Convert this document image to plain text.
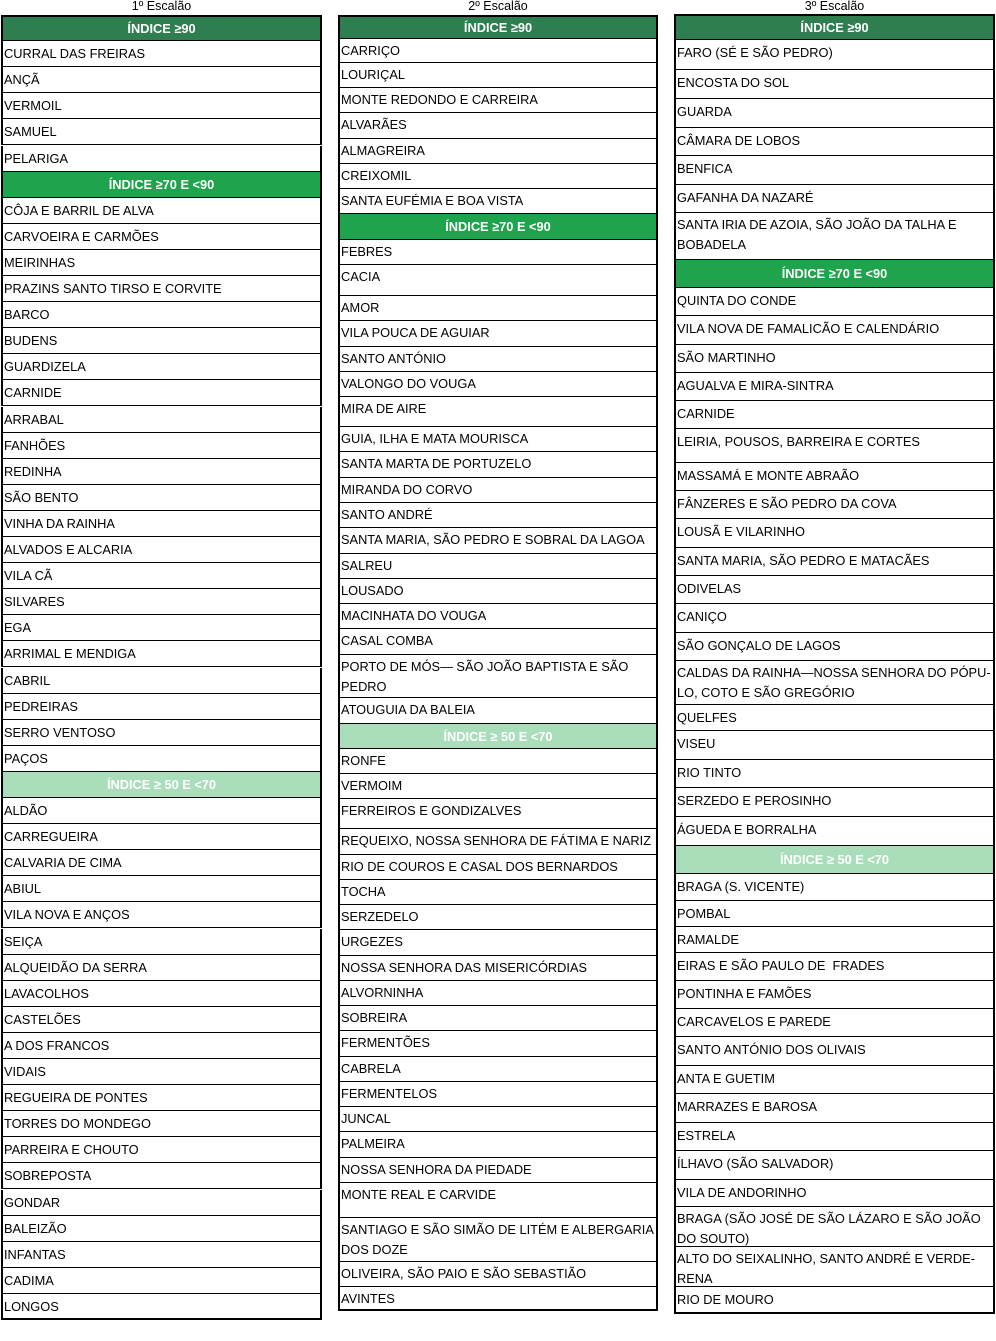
1º Escalão
ÍNDICE ≥90
CURRAL DAS FREIRAS
ANÇÃ
VERMOIL
SAMUEL
PELARIGA
ÍNDICE ≥70 E <90
CÔJA E BARRIL DE ALVA
CARVOEIRA E CARMÕES
MEIRINHAS
PRAZINS SANTO TIRSO E CORVITE
BARCO
BUDENS
GUARDIZELA
CARNIDE
ARRABAL
FANHÕES
REDINHA
SÃO BENTO
VINHA DA RAINHA
ALVADOS E ALCARIA
VILA CÃ
SILVARES
EGA
ARRIMAL E MENDIGA
CABRIL
PEDREIRAS
SERRO VENTOSO
PAÇOS
ÍNDICE ≥ 50 E <70
ALDÃO
CARREGUEIRA
CALVARIA DE CIMA
ABIUL
VILA NOVA E ANÇOS
SEIÇA
ALQUEIDÃO DA SERRA
LAVACOLHOS
CASTELÕES
A DOS FRANCOS
VIDAIS
REGUEIRA DE PONTES
TORRES DO MONDEGO
PARREIRA E CHOUTO
SOBREPOSTA
GONDAR
BALEIZÃO
INFANTAS
CADIMA
LONGOS
2º Escalão
ÍNDICE ≥90
CARRIÇO
LOURIÇAL
MONTE REDONDO E CARREIRA
ALVARÃES
ALMAGREIRA
CREIXOMIL
SANTA EUFÉMIA E BOA VISTA
ÍNDICE ≥70 E <90
FEBRES
CACIA
AMOR
VILA POUCA DE AGUIAR
SANTO ANTÓNIO
VALONGO DO VOUGA
MIRA DE AIRE
GUIA, ILHA E MATA MOURISCA
SANTA MARTA DE PORTUZELO
MIRANDA DO CORVO
SANTO ANDRÉ
SANTA MARIA, SÃO PEDRO E SOBRAL DA LAGOA
SALREU
LOUSADO
MACINHATA DO VOUGA
CASAL COMBA
PORTO DE MÓS— SÃO JOÃO BAPTISTA E SÃO
PEDRO
ATOUGUIA DA BALEIA
ÍNDICE ≥ 50 E <70
RONFE
VERMOIM
FERREIROS E GONDIZALVES
REQUEIXO, NOSSA SENHORA DE FÁTIMA E NARIZ
RIO DE COUROS E CASAL DOS BERNARDOS
TOCHA
SERZEDELO
URGEZES
NOSSA SENHORA DAS MISERICÓRDIAS
ALVORNINHA
SOBREIRA
FERMENTÕES
CABRELA
FERMENTELOS
JUNCAL
PALMEIRA
NOSSA SENHORA DA PIEDADE
MONTE REAL E CARVIDE
SANTIAGO E SÃO SIMÃO DE LITÉM E ALBERGARIA
DOS DOZE
OLIVEIRA, SÃO PAIO E SÃO SEBASTIÃO
AVINTES
3º Escalão
ÍNDICE ≥90
FARO (SÉ E SÃO PEDRO)
ENCOSTA DO SOL
GUARDA
CÂMARA DE LOBOS
BENFICA
GAFANHA DA NAZARÉ
SANTA IRIA DE AZOIA, SÃO JOÃO DA TALHA E
BOBADELA
ÍNDICE ≥70 E <90
QUINTA DO CONDE
VILA NOVA DE FAMALICÃO E CALENDÁRIO
SÃO MARTINHO
AGUALVA E MIRA-SINTRA
CARNIDE
LEIRIA, POUSOS, BARREIRA E CORTES
MASSAMÁ E MONTE ABRAÃO
FÂNZERES E SÃO PEDRO DA COVA
LOUSÃ E VILARINHO
SANTA MARIA, SÃO PEDRO E MATACÃES
ODIVELAS
CANIÇO
SÃO GONÇALO DE LAGOS
CALDAS DA RAINHA—NOSSA SENHORA DO PÓPU-
LO, COTO E SÃO GREGÓRIO
QUELFES
VISEU
RIO TINTO
SERZEDO E PEROSINHO
ÁGUEDA E BORRALHA
ÍNDICE ≥ 50 E <70
BRAGA (S. VICENTE)
POMBAL
RAMALDE
EIRAS E SÃO PAULO DE  FRADES
PONTINHA E FAMÕES
CARCAVELOS E PAREDE
SANTO ANTÓNIO DOS OLIVAIS
ANTA E GUETIM
MARRAZES E BAROSA
ESTRELA
ÍLHAVO (SÃO SALVADOR)
VILA DE ANDORINHO
BRAGA (SÃO JOSÉ DE SÃO LÁZARO E SÃO JOÃO
DO SOUTO)
ALTO DO SEIXALINHO, SANTO ANDRÉ E VERDE-
RENA
RIO DE MOURO
